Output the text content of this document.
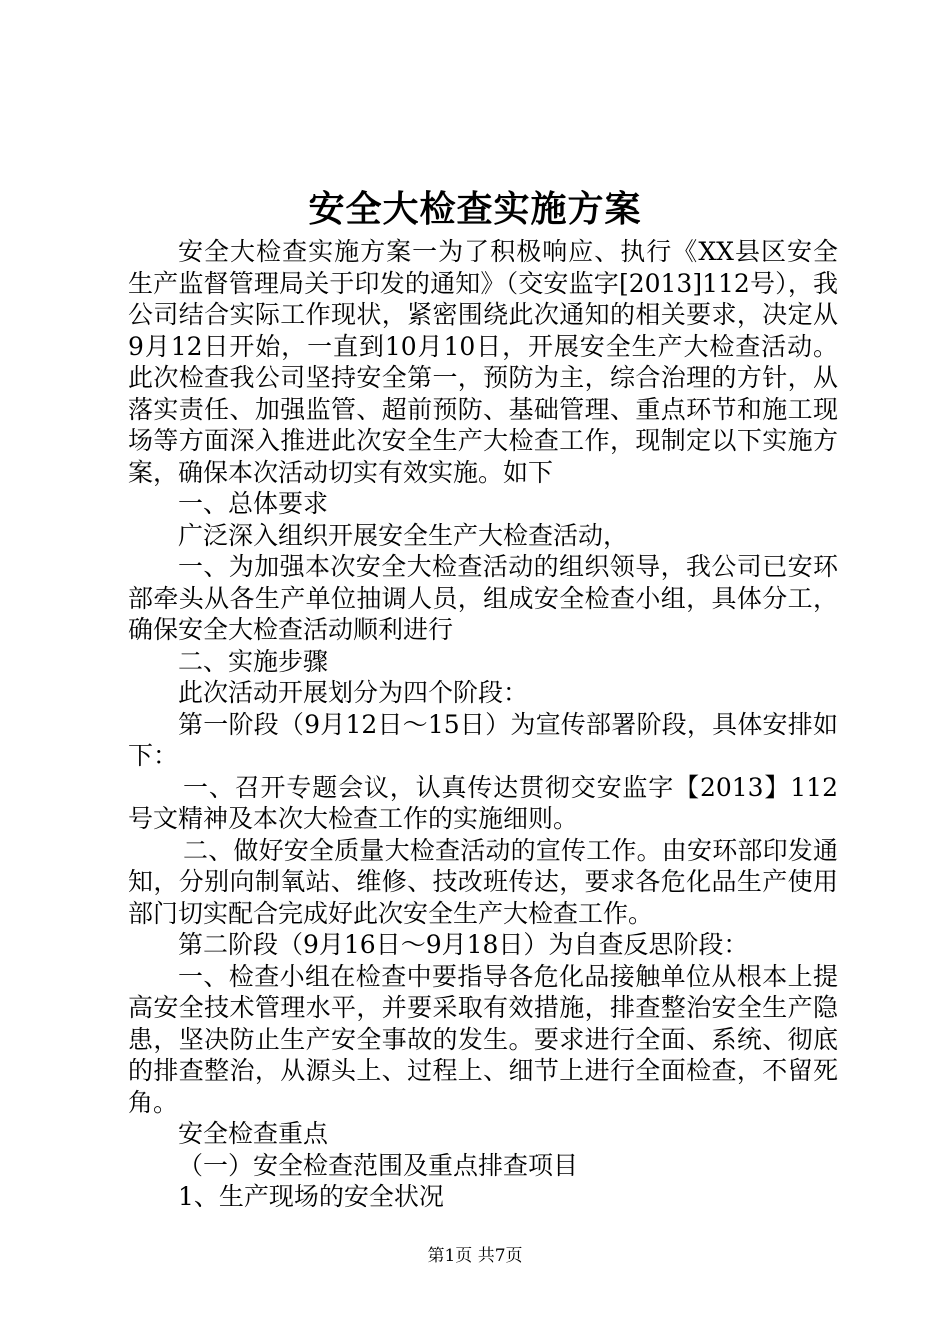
安全大检查实施方案

安全大检查实施方案一为了积极响应、执行《XX县区安全生产监督管理局关于印发的通知》（交安监字[2013]112号），我公司结合实际工作现状，紧密围绕此次通知的相关要求，决定从9月12日开始，一直到10月10日，开展安全生产大检查活动。此次检查我公司坚持安全第一，预防为主，综合治理的方针，从落实责任、加强监管、超前预防、基础管理、重点环节和施工现场等方面深入推进此次安全生产大检查工作，现制定以下实施方案，确保本次活动切实有效实施。如下

一、总体要求

广泛深入组织开展安全生产大检查活动，

一、为加强本次安全大检查活动的组织领导，我公司已安环部牵头从各生产单位抽调人员，组成安全检查小组，具体分工，确保安全大检查活动顺利进行

二、实施步骤

此次活动开展划分为四个阶段：

第一阶段（9月12日～15日）为宣传部署阶段，具体安排如下：

一、召开专题会议，认真传达贯彻交安监字【2013】112号文精神及本次大检查工作的实施细则。

二、做好安全质量大检查活动的宣传工作。由安环部印发通知，分别向制氧站、维修、技改班传达，要求各危化品生产使用部门切实配合完成好此次安全生产大检查工作。

第二阶段（9月16日～9月18日）为自查反思阶段：

一、检查小组在检查中要指导各危化品接触单位从根本上提高安全技术管理水平，并要采取有效措施，排查整治安全生产隐患，坚决防止生产安全事故的发生。要求进行全面、系统、彻底的排查整治，从源头上、过程上、细节上进行全面检查，不留死角。

安全检查重点

（一）安全检查范围及重点排查项目

1、生产现场的安全状况

第1页 共7页
